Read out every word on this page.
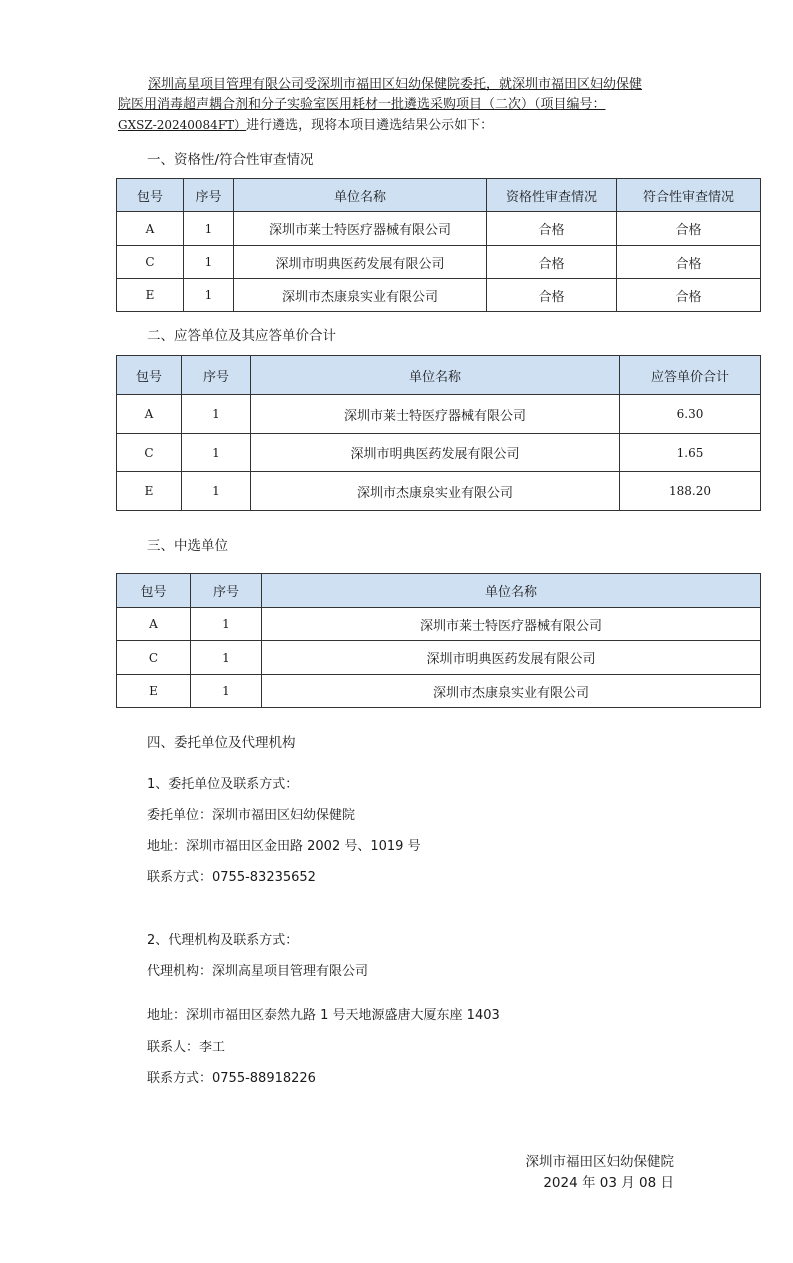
深圳高星项目管理有限公司受深圳市福田区妇幼保健院委托，就深圳市福田区妇幼保健
院医用消毒超声耦合剂和分子实验室医用耗材一批遴选采购项目（二次）（项目编号：
GXSZ-20240084FT）进行遴选，现将本项目遴选结果公示如下：
一、资格性/符合性审查情况
包号	序号	单位名称	资格性审查情况	符合性审查情况
A	1	深圳市莱士特医疗器械有限公司	合格	合格
C	1	深圳市明典医药发展有限公司	合格	合格
E	1	深圳市杰康泉实业有限公司	合格	合格
二、应答单位及其应答单价合计
包号	序号	单位名称	应答单价合计
A	1	深圳市莱士特医疗器械有限公司	6.30
C	1	深圳市明典医药发展有限公司	1.65
E	1	深圳市杰康泉实业有限公司	188.20
三、中选单位
包号	序号	单位名称
A	1	深圳市莱士特医疗器械有限公司
C	1	深圳市明典医药发展有限公司
E	1	深圳市杰康泉实业有限公司
四、委托单位及代理机构
1、委托单位及联系方式：
委托单位：深圳市福田区妇幼保健院
地址：深圳市福田区金田路 2002 号、1019 号
联系方式：0755-83235652
2、代理机构及联系方式：
代理机构：深圳高星项目管理有限公司
地址：深圳市福田区泰然九路 1 号天地源盛唐大厦东座 1403
联系人：李工
联系方式：0755-88918226
深圳市福田区妇幼保健院
2024 年 03 月 08 日
